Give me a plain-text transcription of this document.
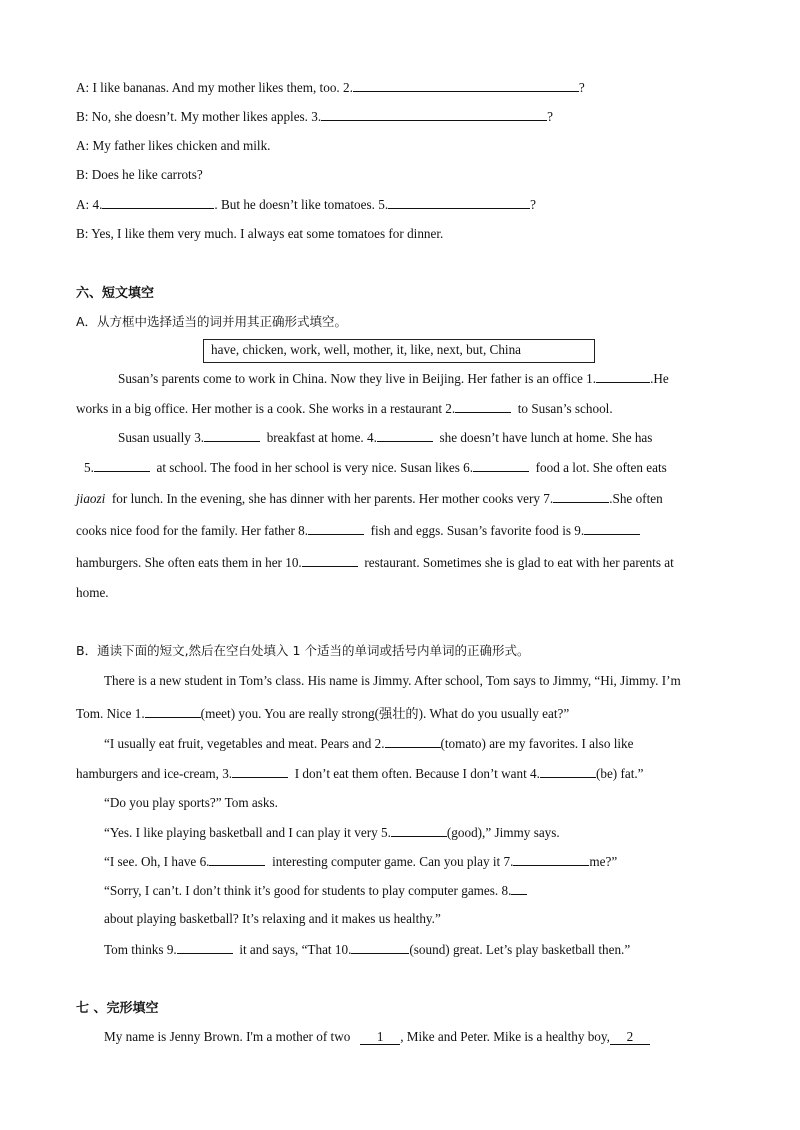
A: I like bananas. And my mother likes them, too. 2.	?
B: No, she doesn’t. My mother likes apples. 3.	?
A: My father likes chicken and milk.
B: Does he like carrots?
A: 4.	. But he doesn’t like tomatoes. 5.	?
B: Yes, I like them very much. I always eat some tomatoes for dinner.
六、短文填空
A．从方框中选择适当的词并用其正确形式填空。
have, chicken, work, well, mother, it, like, next, but, China
Susan’s parents come to work in China. Now they live in Beijing. Her father is an office 1.	.He
works in a big office. Her mother is a cook. She works in a restaurant 2.	to Susan’s school.
Susan usually 3.	breakfast at home. 4.	she doesn’t have lunch at home. She has
5.	at school. The food in her school is very nice. Susan likes 6.	food a lot. She often eats
jiaozi for lunch. In the evening, she has dinner with her parents. Her mother cooks very 7.	.She often
cooks nice food for the family. Her father 8.	fish and eggs. Susan’s favorite food is 9.
hamburgers. She often eats them in her 10.	restaurant. Sometimes she is glad to eat with her parents at
home.
B．通读下面的短文,然后在空白处填入 1 个适当的单词或括号内单词的正确形式。
There is a new student in Tom’s class. His name is Jimmy. After school, Tom says to Jimmy, “Hi, Jimmy. I’m
Tom. Nice 1.	(meet) you. You are really strong(强壮的). What do you usually eat?”
“I usually eat fruit, vegetables and meat. Pears and 2.	(tomato) are my favorites. I also like
hamburgers and ice-cream, 3.	I don’t eat them often. Because I don’t want 4.	(be) fat.”
“Do you play sports?” Tom asks.
“Yes. I like playing basketball and I can play it very 5.	(good),” Jimmy says.
“I see. Oh, I have 6.	interesting computer game. Can you play it 7.	me?”
“Sorry, I can’t. I don’t think it’s good for students to play computer games. 8.
about playing basketball? It’s relaxing and it makes us healthy.”
Tom thinks 9.	it and says, “That 10.	(sound) great. Let’s play basketball then.”
七 、完形填空
My name is Jenny Brown. I'm a mother of two 1 , Mike and Peter. Mike is a healthy boy, 2
